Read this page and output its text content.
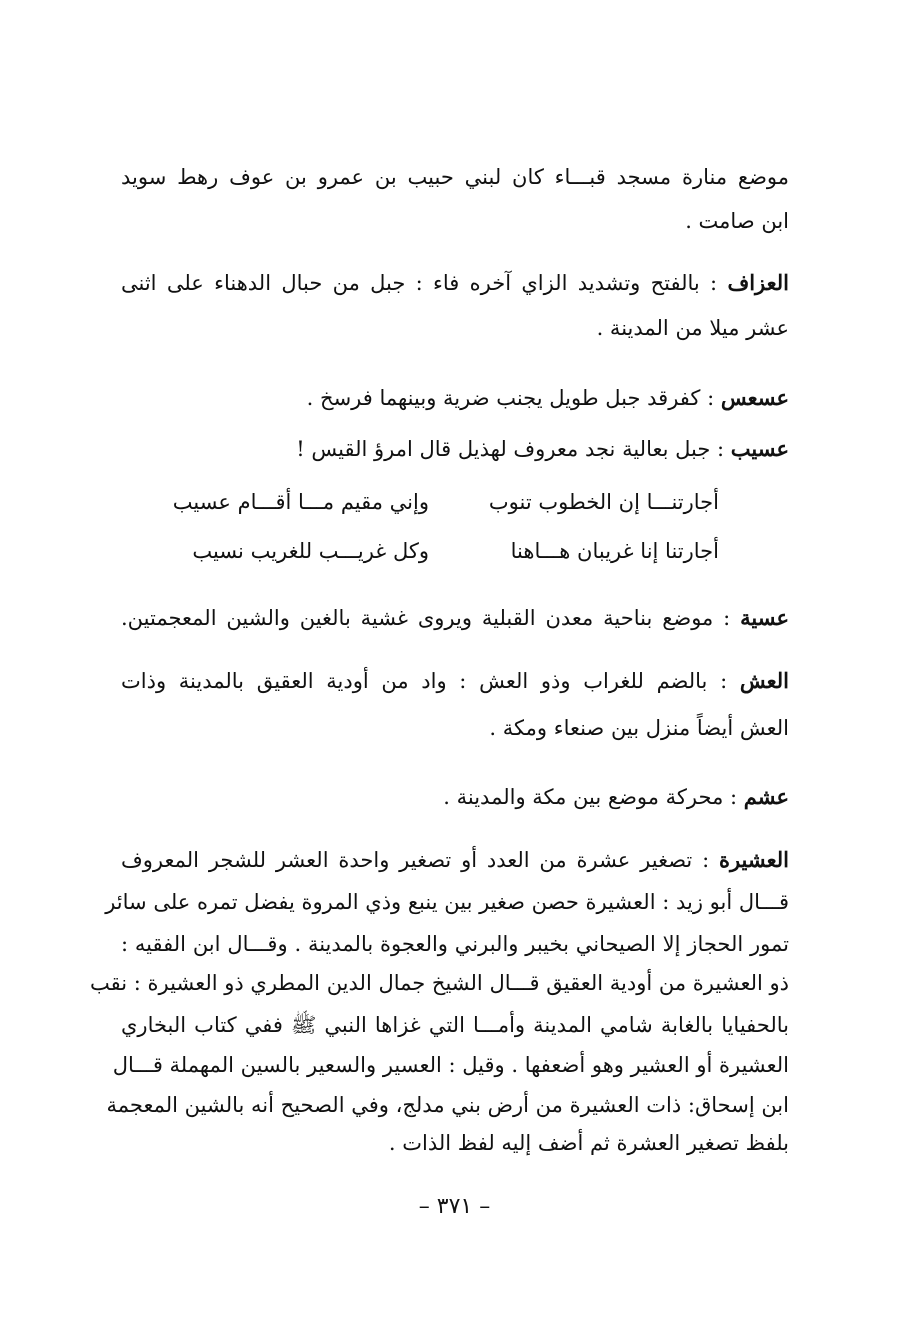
موضع منارة مسجد قبـــاء كان لبني حبيب بن عمرو بن عوف رهط سويد
ابن صامت .
العزاف : بالفتح وتشديد الزاي آخره فاء : جبل من حبال الدهناء على اثنى
عشر ميلا من المدينة .
عسعس : كفرقد جبل طويل يجنب ضرية وبينهما فرسخ .
عسيب : جبل بعالية نجد معروف لهذيل قال امرؤ القيس !
أجارتنـــا إن الخطوب تنوب
وإني مقيم مـــا أقـــام عسيب
أجارتنا إنا غريبان هـــاهنا
وكل غريـــب للغريب نسيب
عسية : موضع بناحية معدن القبلية ويروى غشية بالغين والشين المعجمتين.
العش : بالضم للغراب وذو العش : واد من أودية العقيق بالمدينة وذات
العش أيضاً منزل بين صنعاء ومكة .
عشم : محركة موضع بين مكة والمدينة .
العشيرة : تصغير عشرة من العدد أو تصغير واحدة العشر للشجر المعروف
قـــال أبو زيد : العشيرة حصن صغير بين ينبع وذي المروة يفضل تمره على سائر
تمور الحجاز إلا الصيحاني بخيبر والبرني والعجوة بالمدينة . وقـــال ابن الفقيه :
ذو العشيرة من أودية العقيق قـــال الشيخ جمال الدين المطري ذو العشيرة : نقب
بالحفيايا بالغابة شامي المدينة وأمـــا التي غزاها النبي ﷺ ففي كتاب البخاري
العشيرة أو العشير وهو أضعفها . وقيل : العسير والسعير بالسين المهملة قـــال
ابن إسحاق: ذات العشيرة من أرض بني مدلج، وفي الصحيح أنه بالشين المعجمة
بلفظ تصغير العشرة ثم أضف إليه لفظ الذات .
– ٣٧١ –
